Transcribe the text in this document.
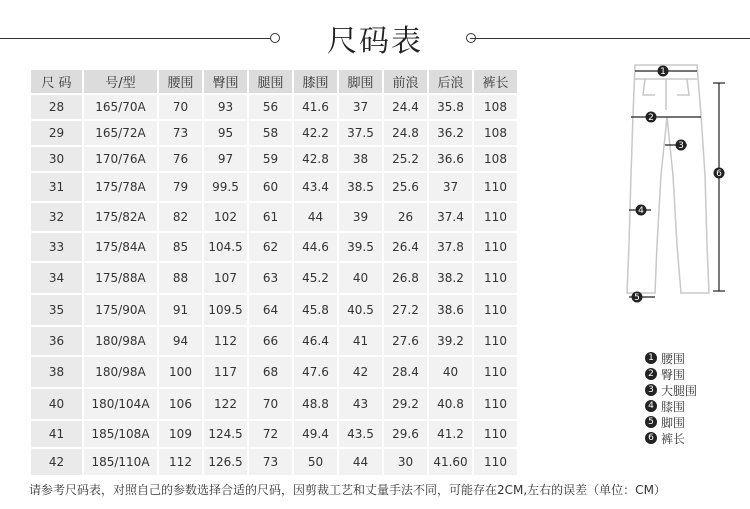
尺码表
尺 码	号/型	腰围	臀围	腿围	膝围	脚围	前浪	后浪	裤长
28	165/70A	70	93	56	41.6	37	24.4	35.8	108
29	165/72A	73	95	58	42.2	37.5	24.8	36.2	108
30	170/76A	76	97	59	42.8	38	25.2	36.6	108
31	175/78A	79	99.5	60	43.4	38.5	25.6	37	110
32	175/82A	82	102	61	44	39	26	37.4	110
33	175/84A	85	104.5	62	44.6	39.5	26.4	37.8	110
34	175/88A	88	107	63	45.2	40	26.8	38.2	110
35	175/90A	91	109.5	64	45.8	40.5	27.2	38.6	110
36	180/98A	94	112	66	46.4	41	27.6	39.2	110
38	180/98A	100	117	68	47.6	42	28.4	40	110
40	180/104A	106	122	70	48.8	43	29.2	40.8	110
41	185/108A	109	124.5	72	49.4	43.5	29.6	41.2	110
42	185/110A	112	126.5	73	50	44	30	41.60	110
1
2
3
4
5
6
1 腰围
2 臀围
3 大腿围
4 膝围
5 脚围
6 裤长
请参考尺码表，对照自己的参数选择合适的尺码，因剪裁工艺和丈量手法不同，可能存在2CM,左右的误差（单位：CM）
